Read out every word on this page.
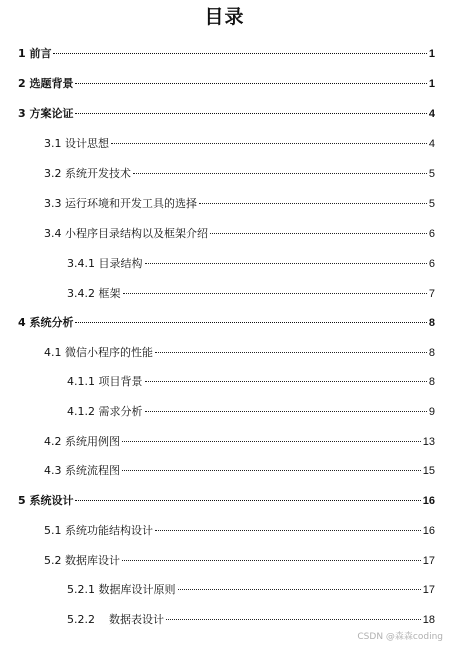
目录
1 前言	1
2 选题背景	1
3 方案论证	4
3.1 设计思想	4
3.2 系统开发技术	5
3.3 运行环境和开发工具的选择	5
3.4 小程序目录结构以及框架介绍	6
3.4.1 目录结构	6
3.4.2 框架	7
4 系统分析	8
4.1 微信小程序的性能	8
4.1.1 项目背景	8
4.1.2 需求分析	9
4.2 系统用例图	13
4.3 系统流程图	15
5 系统设计	16
5.1 系统功能结构设计	16
5.2 数据库设计	17
5.2.1 数据库设计原则	17
5.2.2    数据表设计	18
CSDN @森森coding
